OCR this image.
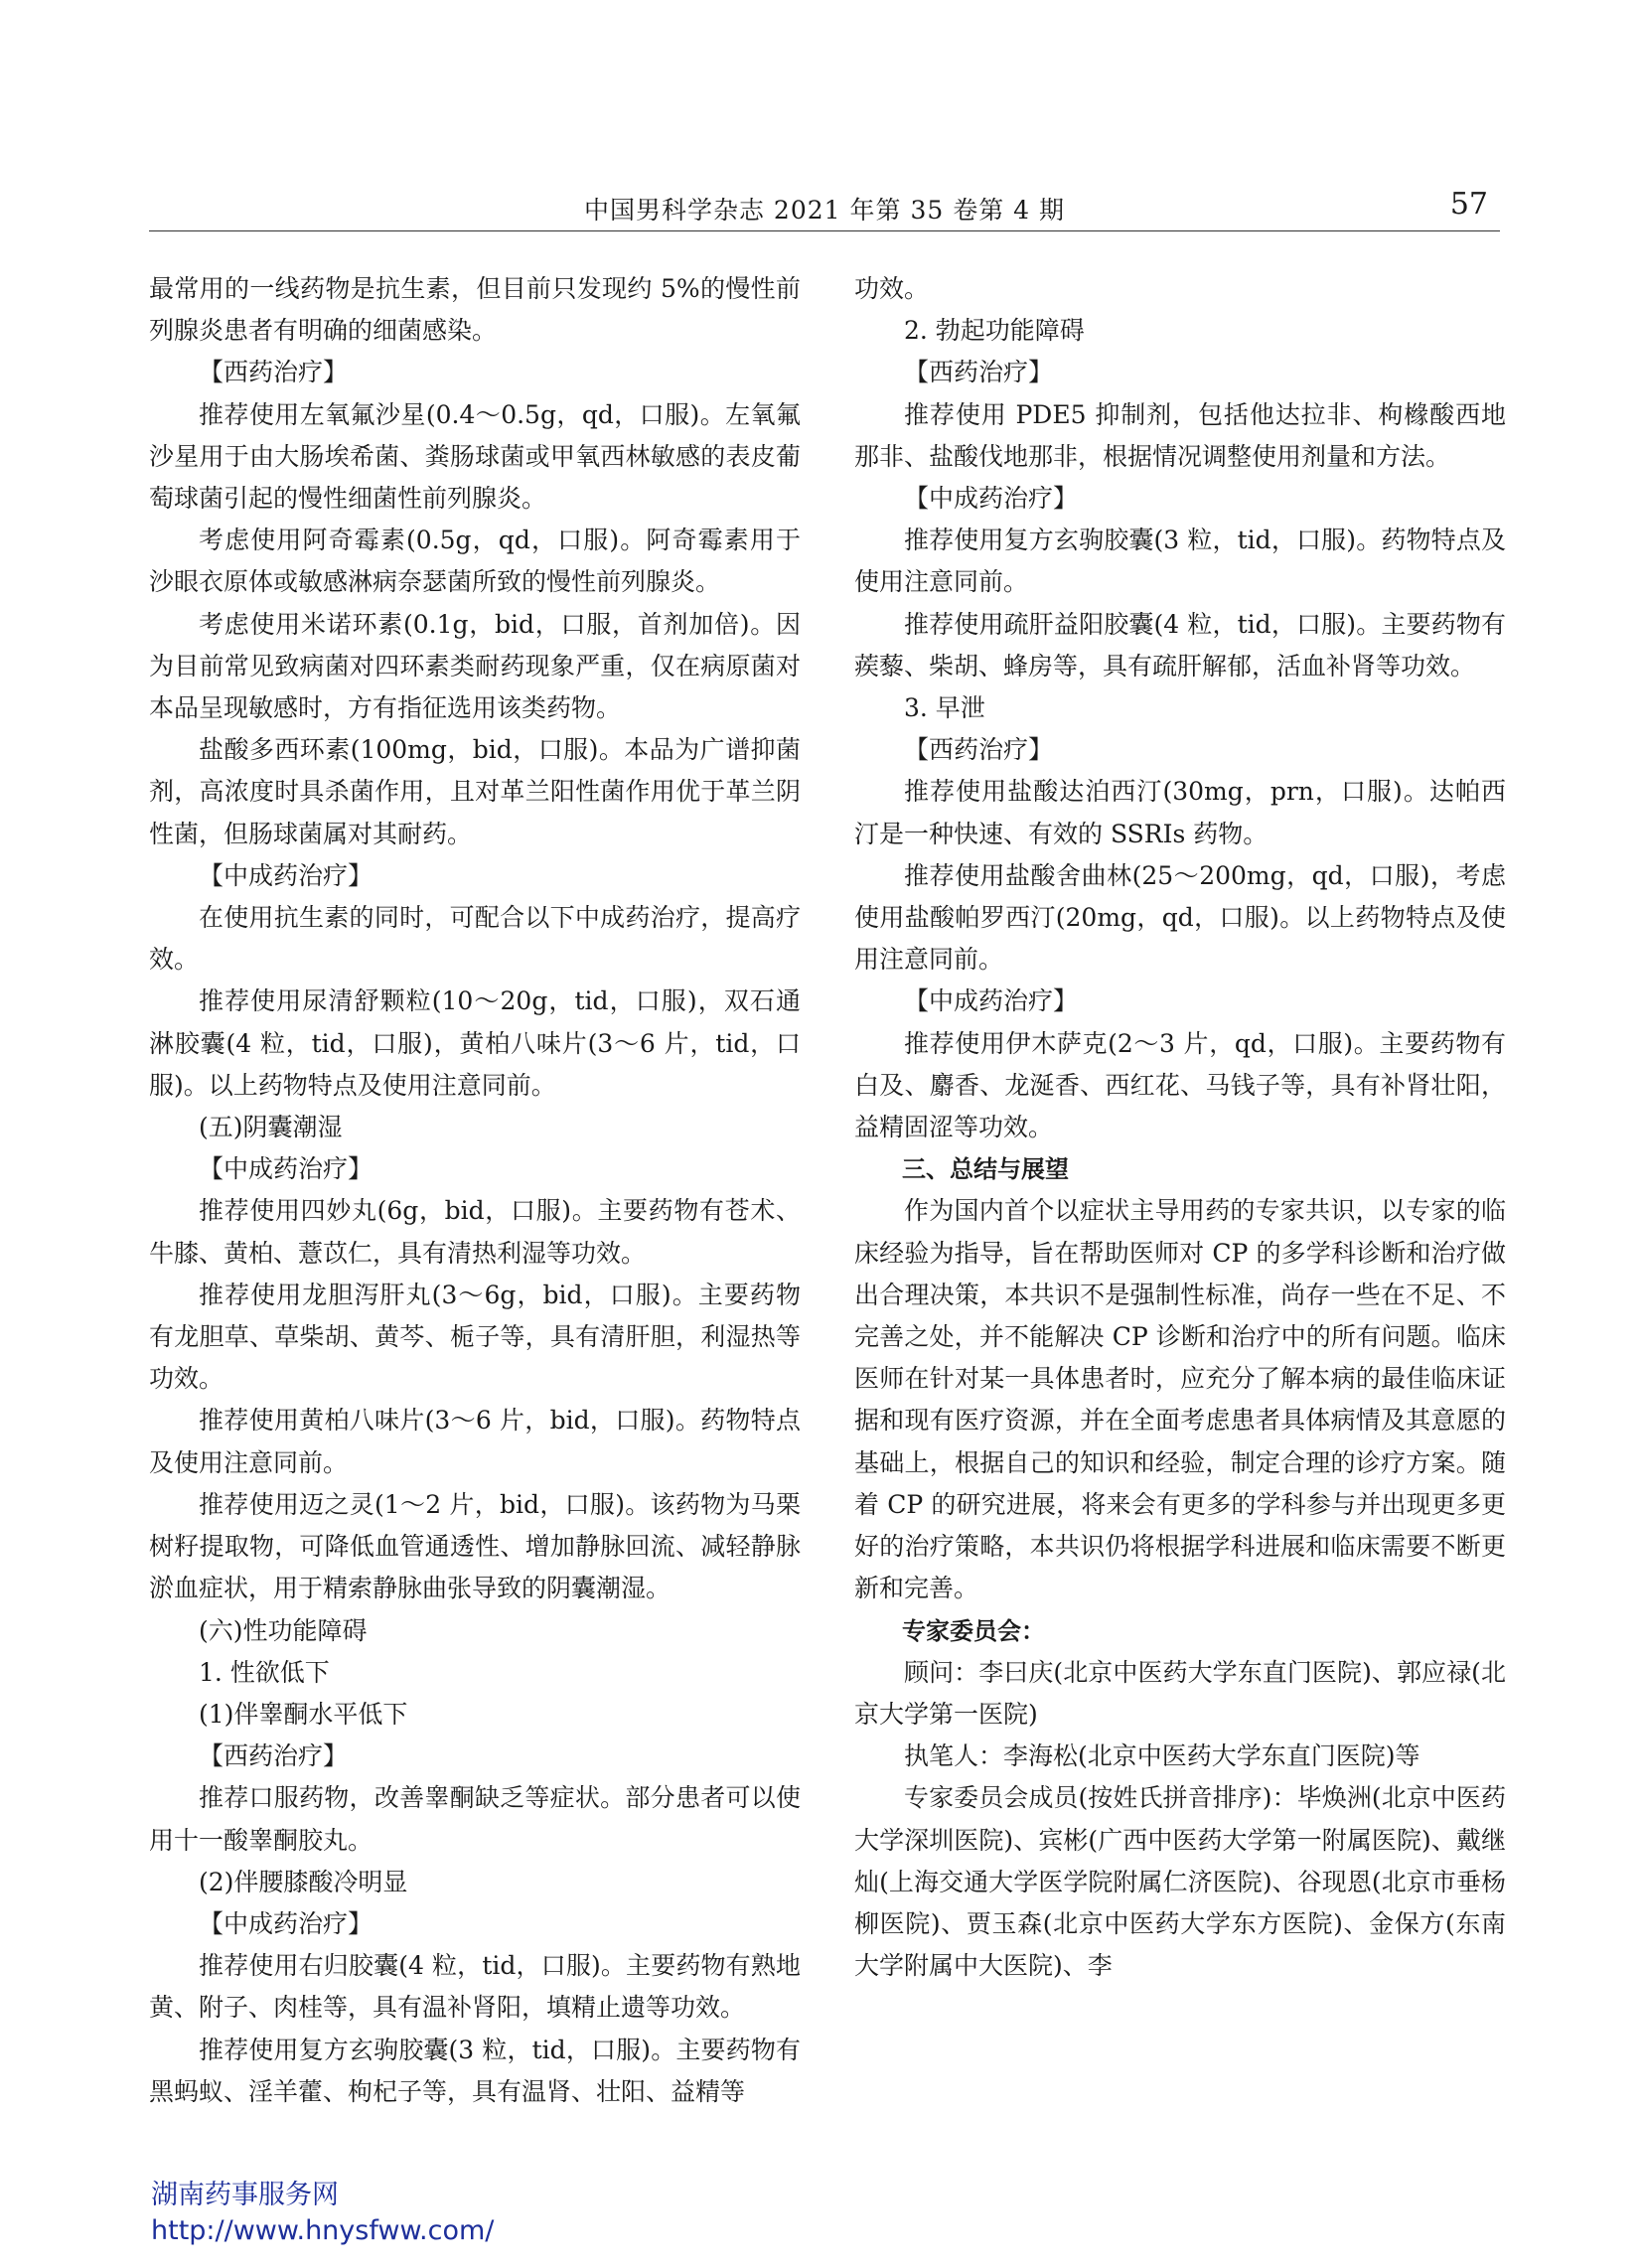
中国男科学杂志 2021 年第 35 卷第 4 期	57

最常用的一线药物是抗生素，但目前只发现约 5%的慢性前列腺炎患者有明确的细菌感染。

【西药治疗】

推荐使用左氧氟沙星(0.4～0.5g，qd，口服)。左氧氟沙星用于由大肠埃希菌、粪肠球菌或甲氧西林敏感的表皮葡萄球菌引起的慢性细菌性前列腺炎。

考虑使用阿奇霉素(0.5g，qd，口服)。阿奇霉素用于沙眼衣原体或敏感淋病奈瑟菌所致的慢性前列腺炎。

考虑使用米诺环素(0.1g，bid，口服，首剂加倍)。因为目前常见致病菌对四环素类耐药现象严重，仅在病原菌对本品呈现敏感时，方有指征选用该类药物。

盐酸多西环素(100mg，bid，口服)。本品为广谱抑菌剂，高浓度时具杀菌作用，且对革兰阳性菌作用优于革兰阴性菌，但肠球菌属对其耐药。

【中成药治疗】

在使用抗生素的同时，可配合以下中成药治疗，提高疗效。

推荐使用尿清舒颗粒(10～20g，tid，口服)，双石通淋胶囊(4 粒，tid，口服)，黄柏八味片(3～6 片，tid，口服)。以上药物特点及使用注意同前。

(五)阴囊潮湿

【中成药治疗】

推荐使用四妙丸(6g，bid，口服)。主要药物有苍术、牛膝、黄柏、薏苡仁，具有清热利湿等功效。

推荐使用龙胆泻肝丸(3～6g，bid，口服)。主要药物有龙胆草、草柴胡、黄芩、栀子等，具有清肝胆，利湿热等功效。

推荐使用黄柏八味片(3～6 片，bid，口服)。药物特点及使用注意同前。

推荐使用迈之灵(1～2 片，bid，口服)。该药物为马栗树籽提取物，可降低血管通透性、增加静脉回流、减轻静脉淤血症状，用于精索静脉曲张导致的阴囊潮湿。

(六)性功能障碍

1. 性欲低下

(1)伴睾酮水平低下

【西药治疗】

推荐口服药物，改善睾酮缺乏等症状。部分患者可以使用十一酸睾酮胶丸。

(2)伴腰膝酸冷明显

【中成药治疗】

推荐使用右归胶囊(4 粒，tid，口服)。主要药物有熟地黄、附子、肉桂等，具有温补肾阳，填精止遗等功效。

推荐使用复方玄驹胶囊(3 粒，tid，口服)。主要药物有黑蚂蚁、淫羊藿、枸杞子等，具有温肾、壮阳、益精等

功效。

2. 勃起功能障碍

【西药治疗】

推荐使用 PDE5 抑制剂，包括他达拉非、枸橼酸西地那非、盐酸伐地那非，根据情况调整使用剂量和方法。

【中成药治疗】

推荐使用复方玄驹胶囊(3 粒，tid，口服)。药物特点及使用注意同前。

推荐使用疏肝益阳胶囊(4 粒，tid，口服)。主要药物有蒺藜、柴胡、蜂房等，具有疏肝解郁，活血补肾等功效。

3. 早泄

【西药治疗】

推荐使用盐酸达泊西汀(30mg，prn，口服)。达帕西汀是一种快速、有效的 SSRIs 药物。

推荐使用盐酸舍曲林(25～200mg，qd，口服)，考虑使用盐酸帕罗西汀(20mg，qd，口服)。以上药物特点及使用注意同前。

【中成药治疗】

推荐使用伊木萨克(2～3 片，qd，口服)。主要药物有白及、麝香、龙涎香、西红花、马钱子等，具有补肾壮阳，益精固涩等功效。

三、总结与展望

作为国内首个以症状主导用药的专家共识，以专家的临床经验为指导，旨在帮助医师对 CP 的多学科诊断和治疗做出合理决策，本共识不是强制性标准，尚存一些在不足、不完善之处，并不能解决 CP 诊断和治疗中的所有问题。临床医师在针对某一具体患者时，应充分了解本病的最佳临床证据和现有医疗资源，并在全面考虑患者具体病情及其意愿的基础上，根据自己的知识和经验，制定合理的诊疗方案。随着 CP 的研究进展，将来会有更多的学科参与并出现更多更好的治疗策略，本共识仍将根据学科进展和临床需要不断更新和完善。

专家委员会：

顾问：李曰庆(北京中医药大学东直门医院)、郭应禄(北京大学第一医院)

执笔人：李海松(北京中医药大学东直门医院)等

专家委员会成员(按姓氏拼音排序)：毕焕洲(北京中医药大学深圳医院)、宾彬(广西中医药大学第一附属医院)、戴继灿(上海交通大学医学院附属仁济医院)、谷现恩(北京市垂杨柳医院)、贾玉森(北京中医药大学东方医院)、金保方(东南大学附属中大医院)、李

湖南药事服务网
http://www.hnysfww.com/
